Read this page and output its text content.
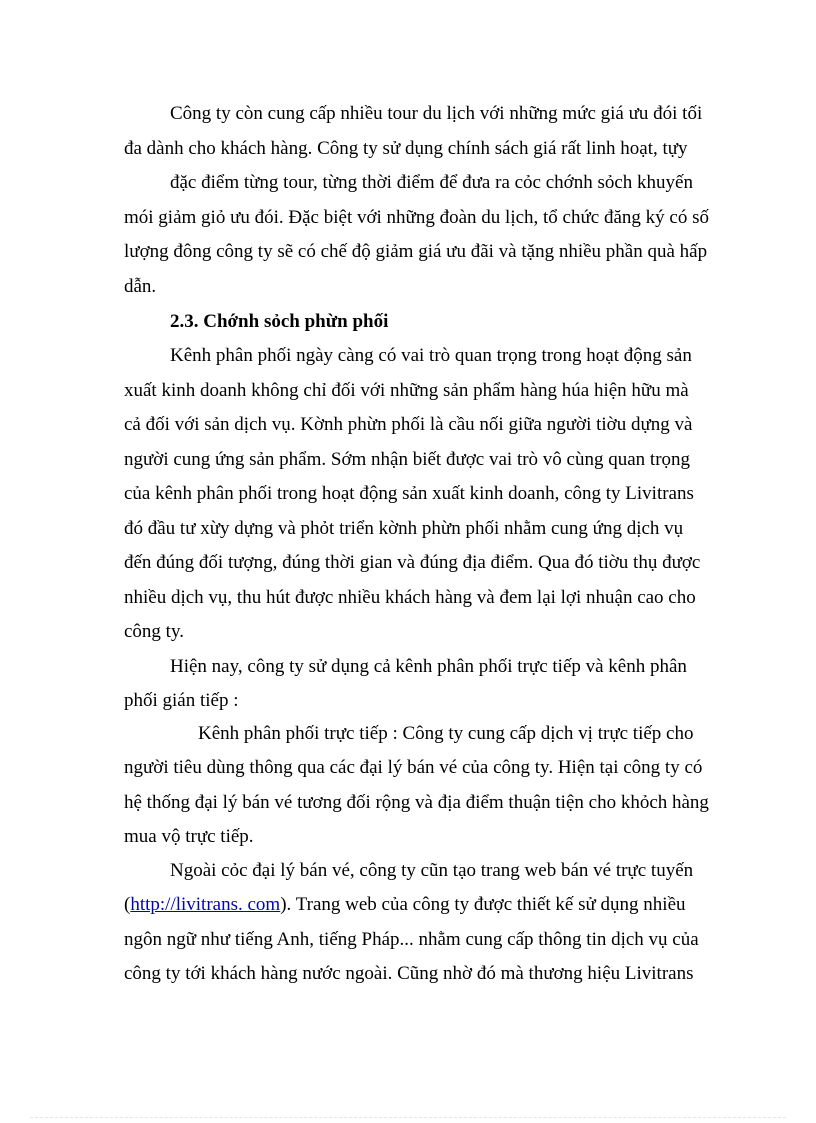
Công ty còn cung cấp nhiều tour du lịch với những mức giá ưu đói tối
đa dành cho khách hàng. Công ty sử dụng chính sách giá rất linh hoạt, tựy
đặc điểm từng tour, từng thời điểm để đưa ra cỏc chớnh sỏch khuyến
mói giảm giỏ ưu đói. Đặc biệt với những đoàn du lịch, tổ chức đăng ký có số
lượng đông công ty sẽ có chế độ giảm giá ưu đãi và tặng nhiều phần quà hấp
dẫn.
2.3. Chớnh sỏch phừn phối
Kênh phân phối ngày càng có vai trò quan trọng trong hoạt động sản
xuất kinh doanh không chỉ đối với những sản phẩm hàng húa hiện hữu mà
cả đối với sản dịch vụ. Kờnh phừn phối là cầu nối giữa người tiờu dựng và
người cung ứng sản phẩm. Sớm nhận biết được vai trò vô cùng quan trọng
của kênh phân phối trong hoạt động sản xuất kinh doanh, công ty Livitrans
đó đầu tư xừy dựng và phỏt triển kờnh phừn phối nhằm cung ứng dịch vụ
đến đúng đối tượng, đúng thời gian và đúng địa điểm. Qua đó tiờu thụ được
nhiều dịch vụ, thu hút được nhiều khách hàng và đem lại lợi nhuận cao cho
công ty.
Hiện nay, công ty sử dụng cả kênh phân phối trực tiếp và kênh phân
phối gián tiếp :
Kênh phân phối trực tiếp : Công ty cung cấp dịch vị trực tiếp cho
người tiêu dùng thông qua các đại lý bán vé của công ty. Hiện tại công ty có
hệ thống đại lý bán vé tương đối rộng và địa điểm thuận tiện cho khỏch hàng
mua vộ trực tiếp.
Ngoài cỏc đại lý bán vé, công ty cũn tạo trang web bán vé trực tuyến
(http://livitrans. com). Trang web của công ty được thiết kế sử dụng nhiều
ngôn ngữ như tiếng Anh, tiếng Pháp... nhằm cung cấp thông tin dịch vụ của
công ty tới khách hàng nước ngoài. Cũng nhờ đó mà thương hiệu Livitrans
